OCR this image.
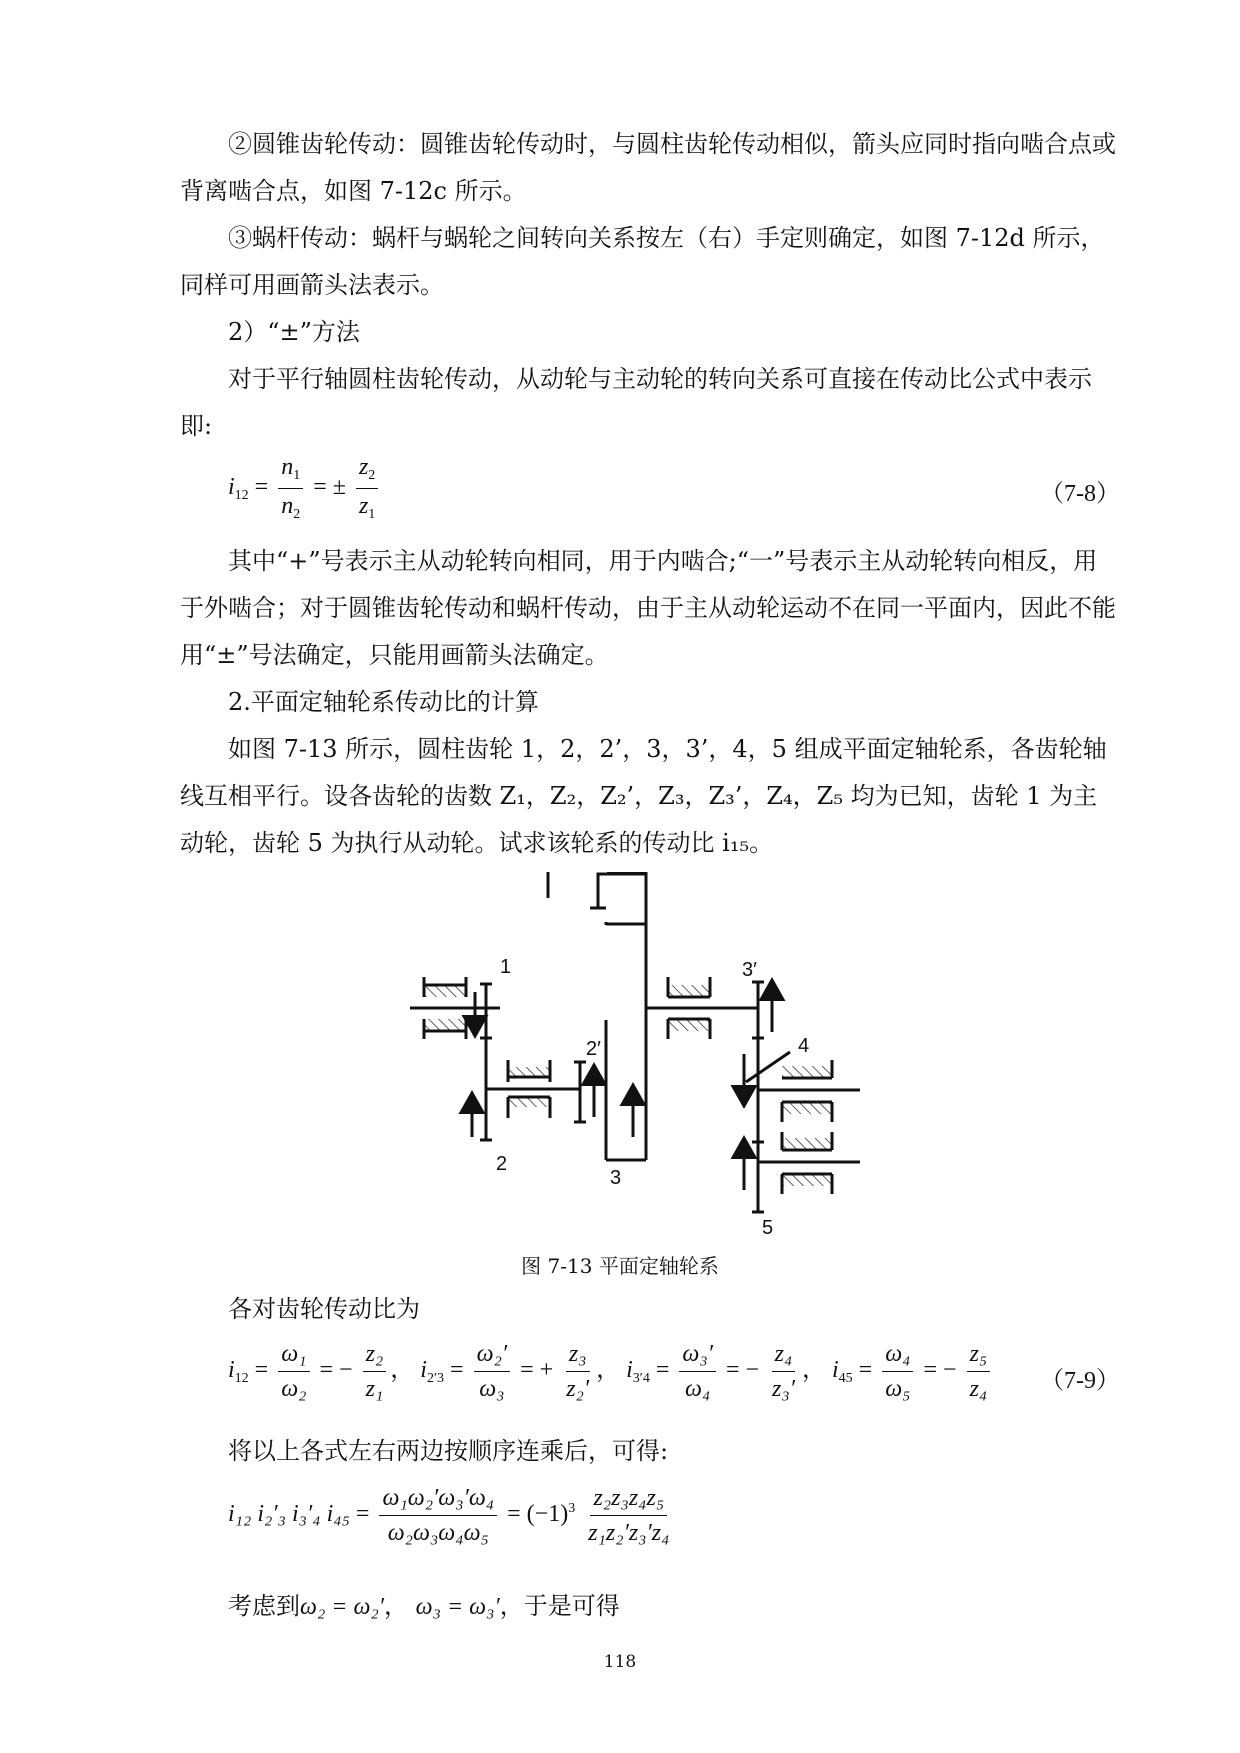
②圆锥齿轮传动：圆锥齿轮传动时，与圆柱齿轮传动相似，箭头应同时指向啮合点或背离啮合点，如图 7-12c 所示。

③蜗杆传动：蜗杆与蜗轮之间转向关系按左（右）手定则确定，如图 7-12d 所示，同样可用画箭头法表示。

2）“±”方法

对于平行轴圆柱齿轮传动，从动轮与主动轮的转向关系可直接在传动比公式中表示即:

$i_{12} = \frac{n_1}{n_2}$ = ± $\frac{z_2}{z_1}$	（7-8）

其中“+”号表示主从动轮转向相同，用于内啮合;“一”号表示主从动轮转向相反，用于外啮合；对于圆锥齿轮传动和蜗杆传动，由于主从动轮运动不在同一平面内，因此不能用“±”号法确定，只能用画箭头法确定。

2.平面定轴轮系传动比的计算

如图 7-13 所示，圆柱齿轮 1，2，2’，3，3’，4，5 组成平面定轴轮系，各齿轮轴线互相平行。设各齿轮的齿数 Z₁，Z₂，Z₂’，Z₃，Z₃’，Z₄，Z₅ 均为已知，齿轮 1 为主动轮，齿轮 5 为执行从动轮。试求该轮系的传动比 i₁₅。

1
2
2′
3
3′
4
5
图 7-13 平面定轴轮系

各对齿轮传动比为

$i_{12} = \frac{\text{ω₁}}{\text{ω₂}}$ = − $\frac{\text{z₂}}{\text{z₁}}$ ， $i_{2'3} = \frac{\text{ω₂′}}{\text{ω₃}}$ = + $\frac{\text{z₃}}{\text{z₂′}}$ ， $i_{3'4} = \frac{\text{ω₃′}}{\text{ω₄}}$ = − $\frac{\text{z₄}}{\text{z₃′}}$ ， $i_{45} = \frac{\text{ω₄}}{\text{ω₅}}$ = − $\frac{\text{z₅}}{\text{z₄}} (7-9)$

将以上各式左右两边按顺序连乘后，可得:

i₁₂ i₂′₃ i₃′₄ $i_{45} = \frac{\text{ω₁ω₂′ω₃′ω₄}}{\text{ω₂ω₃ω₄ω₅}} = (-1)^3 \frac{\text{z₂z₃z₄z₅}}{\text{z₁z₂′z₃′z₄}}$
考虑到ω₂ = ω₂′， ω₃ = ω₃′，于是可得
118
